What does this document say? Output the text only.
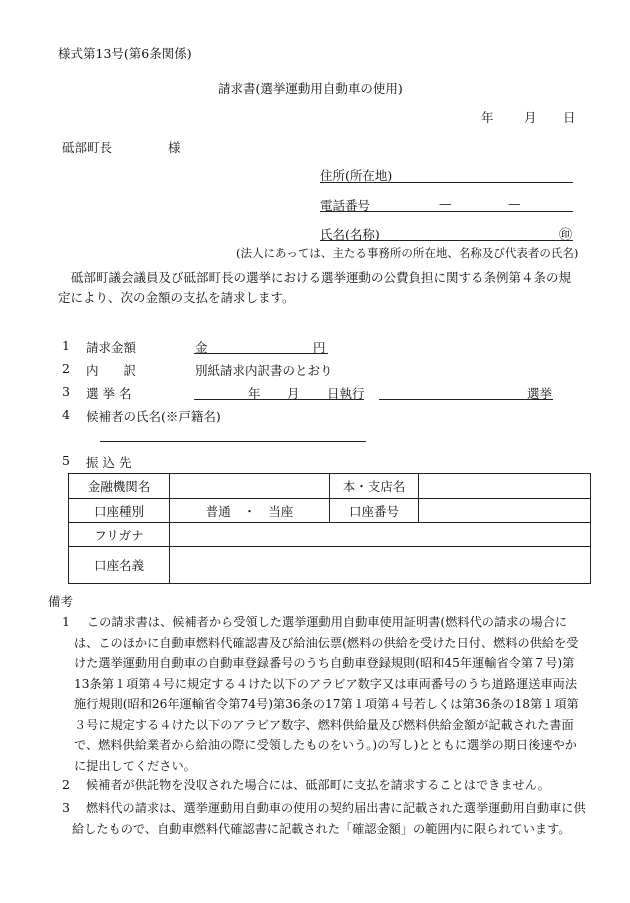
様式第13号(第6条関係)
請求書(選挙運動用自動車の使用)
年 月 日
砥部町長	様
住所(所在地)
電話番号	—	—
氏名(名称)	㊞
(法人にあっては、主たる事務所の所在地、名称及び代表者の氏名)
砥部町議会議員及び砥部町長の選挙における選挙運動の公費負担に関する条例第４条の規定により、次の金額の支払を請求します。
1 請求金額	金	円
2 内　　訳	別紙請求内訳書のとおり
3 選 挙 名	年 月 日執行	選挙
4 候補者の氏名(※戸籍名)
5 振 込 先
金融機関名		本・支店名	
口座種別	普通　・　当座	口座番号	
フリガナ			
口座名義			
備考
1	この請求書は、候補者から受領した選挙運動用自動車使用証明書(燃料代の請求の場合には、このほかに自動車燃料代確認書及び給油伝票(燃料の供給を受けた日付、燃料の供給を受けた選挙運動用自動車の自動車登録番号のうち自動車登録規則(昭和45年運輸省令第７号)第13条第１項第４号に規定する４けた以下のアラビア数字又は車両番号のうち道路運送車両法施行規則(昭和26年運輸省令第74号)第36条の17第１項第４号若しくは第36条の18第１項第３号に規定する４けた以下のアラビア数字、燃料供給量及び燃料供給金額が記載された書面で、燃料供給業者から給油の際に受領したものをいう。)の写し)とともに選挙の期日後速やかに提出してください。
2 候補者が供託物を没収された場合には、砥部町に支払を請求することはできません。
3	燃料代の請求は、選挙運動用自動車の使用の契約届出書に記載された選挙運動用自動車に供給したもので、自動車燃料代確認書に記載された「確認金額」の範囲内に限られています。
